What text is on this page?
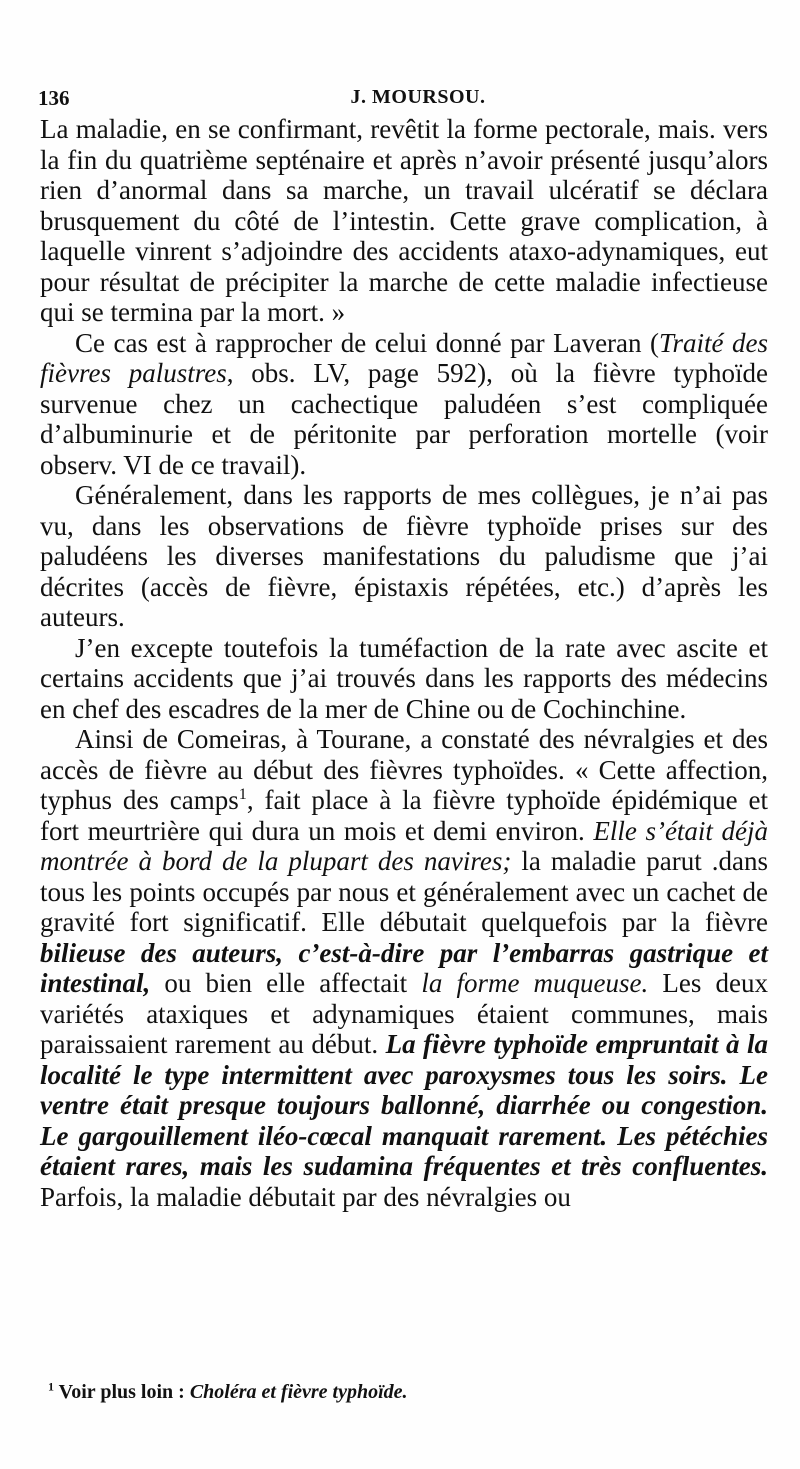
136	J. MOURSOU.

La maladie, en se confirmant, revêtit la forme pectorale, mais. vers la fin du quatrième septénaire et après n’avoir présenté jusqu’alors rien d’anormal dans sa marche, un travail ulcératif se déclara brusquement du côté de l’intestin. Cette grave complication, à laquelle vinrent s’adjoindre des accidents ataxo-adynamiques, eut pour résultat de précipiter la marche de cette maladie infectieuse qui se termina par la mort. »

Ce cas est à rapprocher de celui donné par Laveran (Traité des fièvres palustres, obs. LV, page 592), où la fièvre typhoïde survenue chez un cachectique paludéen s’est compliquée d’albuminurie et de péritonite par perforation mortelle (voir observ. VI de ce travail).

Généralement, dans les rapports de mes collègues, je n’ai pas vu, dans les observations de fièvre typhoïde prises sur des paludéens les diverses manifestations du paludisme que j’ai décrites (accès de fièvre, épistaxis répétées, etc.) d’après les auteurs.

J’en excepte toutefois la tuméfaction de la rate avec ascite et certains accidents que j’ai trouvés dans les rapports des médecins en chef des escadres de la mer de Chine ou de Cochinchine.

Ainsi de Comeiras, à Tourane, a constaté des névralgies et des accès de fièvre au début des fièvres typhoïdes. « Cette affection, typhus des camps$^1$, fait place à la fièvre typhoïde épidémique et fort meurtrière qui dura un mois et demi environ. Elle s’était déjà montrée à bord de la plupart des navires; la maladie parut .dans tous les points occupés par nous et généralement avec un cachet de gravité fort significatif. Elle débutait quelquefois par la fièvre bilieuse des auteurs, c’est-à-dire par l’embarras gastrique et intestinal, ou bien elle affectait la forme muqueuse. Les deux variétés ataxiques et adynamiques étaient communes, mais paraissaient rarement au début. La fièvre typhoïde empruntait à la localité le type intermittent avec paroxysmes tous les soirs. Le ventre était presque toujours ballonné, diarrhée ou congestion. Le gargouillement iléo-cœcal manquait rarement. Les pétéchies étaient rares, mais les sudamina fréquentes et très confluentes. Parfois, la maladie débutait par des névralgies ou

$^1$ Voir plus loin : Choléra et fièvre typhoïde.
